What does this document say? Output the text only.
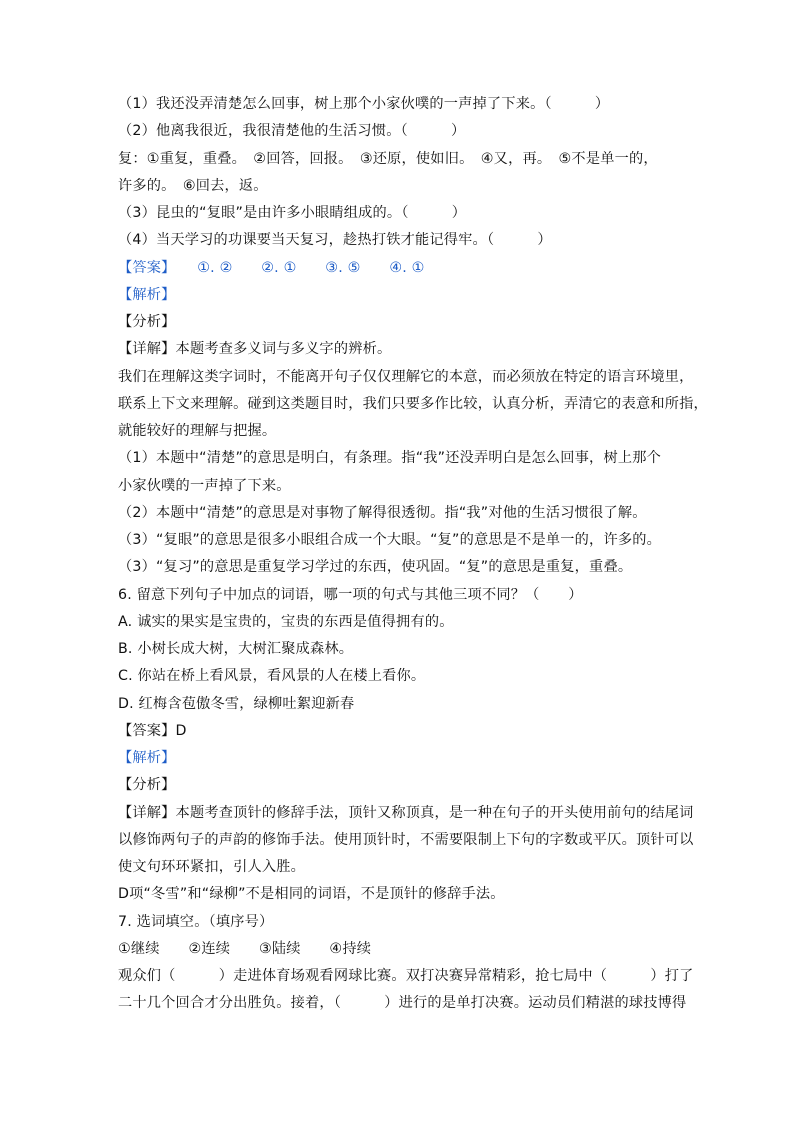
（1）我还没弄清楚怎么回事，树上那个小家伙噗的一声掉了下来。（　　　）
（2）他离我很近，我很清楚他的生活习惯。（　　　）
复：①重复，重叠。　②回答，回报。　③还原，使如旧。　④又，再。　⑤不是单一的，
许多的。　⑥回去，返。
（3）昆虫的“复眼”是由许多小眼睛组成的。（　　　）
（4）当天学习的功课要当天复习，趁热打铁才能记得牢。（　　　）
【答案】　　①. ②　　②. ①　　③. ⑤　　④. ①
【解析】
【分析】
【详解】本题考查多义词与多义字的辨析。
我们在理解这类字词时，不能离开句子仅仅理解它的本意，而必须放在特定的语言环境里，
联系上下文来理解。碰到这类题目时，我们只要多作比较，认真分析，弄清它的表意和所指，
就能较好的理解与把握。
（1）本题中“清楚”的意思是明白，有条理。指“我”还没弄明白是怎么回事，树上那个
小家伙噗的一声掉了下来。
（2）本题中“清楚”的意思是对事物了解得很透彻。指“我”对他的生活习惯很了解。
（3）“复眼”的意思是很多小眼组合成一个大眼。“复”的意思是不是单一的，许多的。
（3）“复习”的意思是重复学习学过的东西，使巩固。“复”的意思是重复，重叠。
6. 留意下列句子中加点的词语，哪一项的句式与其他三项不同？（　　）
A. 诚实的果实是宝贵的，宝贵的东西是值得拥有的。
B. 小树长成大树，大树汇聚成森林。
C. 你站在桥上看风景，看风景的人在楼上看你。
D. 红梅含苞傲冬雪，绿柳吐絮迎新春
【答案】D
【解析】
【分析】
【详解】本题考查顶针的修辞手法，顶针又称顶真，是一种在句子的开头使用前句的结尾词
以修饰两句子的声韵的修饰手法。使用顶针时，不需要限制上下句的字数或平仄。顶针可以
使文句环环紧扣，引人入胜。
D项“冬雪”和“绿柳”不是相同的词语，不是顶针的修辞手法。
7. 选词填空。（填序号）
①继续　　②连续　　③陆续　　④持续
观众们（　　　）走进体育场观看网球比赛。双打决赛异常精彩，抢七局中（　　　）打了
二十几个回合才分出胜负。接着，（　　　）进行的是单打决赛。运动员们精湛的球技博得
